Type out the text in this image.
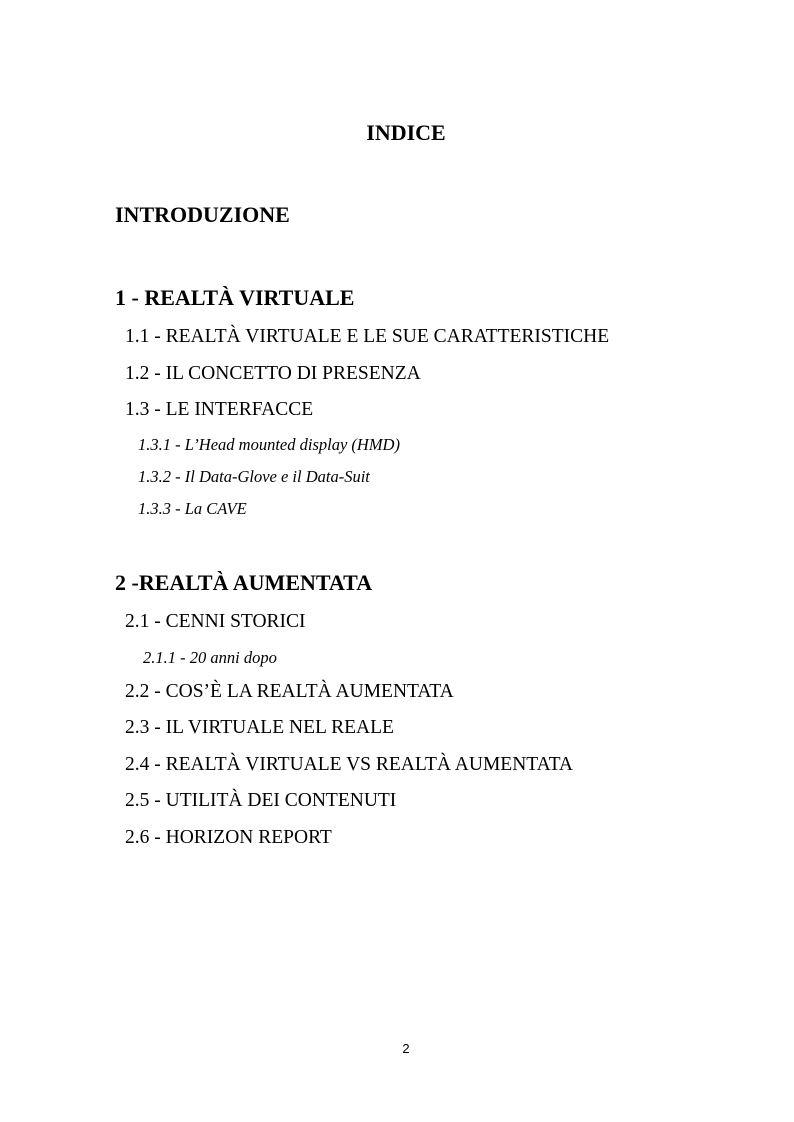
INDICE
INTRODUZIONE
1 - REALTÀ VIRTUALE
1.1 - REALTÀ VIRTUALE E LE SUE CARATTERISTICHE
1.2 - IL CONCETTO DI PRESENZA
1.3 - LE INTERFACCE
1.3.1 - L’Head mounted display (HMD)
1.3.2 - Il Data-Glove e il Data-Suit
1.3.3 - La CAVE
2 -REALTÀ AUMENTATA
2.1 - CENNI STORICI
2.1.1 - 20 anni dopo
2.2 - COS’È LA REALTÀ AUMENTATA
2.3 - IL VIRTUALE NEL REALE
2.4 - REALTÀ VIRTUALE VS REALTÀ AUMENTATA
2.5 - UTILITÀ DEI CONTENUTI
2.6 - HORIZON REPORT
2
